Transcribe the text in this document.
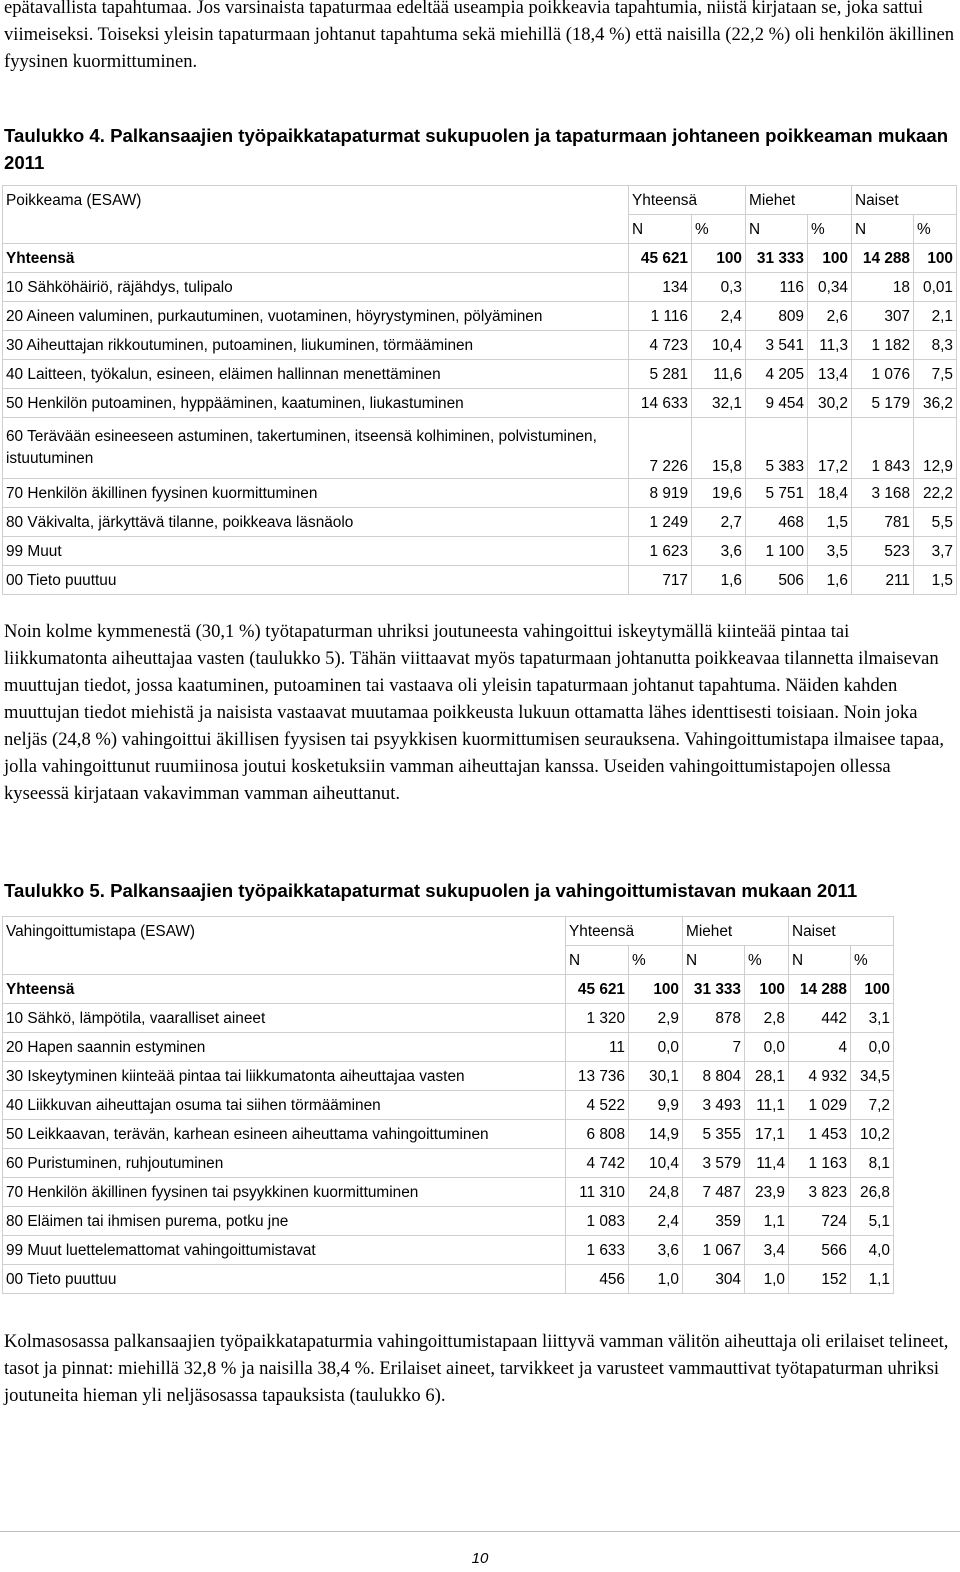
epätavallista tapahtumaa. Jos varsinaista tapaturmaa edeltää useampia poikkeavia tapahtumia, niistä kirjataan se, joka sattui viimeiseksi. Toiseksi yleisin tapaturmaan johtanut tapahtuma sekä miehillä (18,4 %) että naisilla (22,2 %) oli henkilön äkillinen fyysinen kuormittuminen.

Taulukko 4. Palkansaajien työpaikkatapaturmat sukupuolen ja tapaturmaan johtaneen poikkeaman mukaan 2011

Poikkeama (ESAW)	Yhteensä		Miehet		Naiset	
	N	%	N	%	N	%
Yhteensä	45 621	100	31 333	100	14 288	100
10 Sähköhäiriö, räjähdys, tulipalo	134	0,3	116	0,34	18	0,01
20 Aineen valuminen, purkautuminen, vuotaminen, höyrystyminen, pölyäminen	1 116	2,4	809	2,6	307	2,1
30 Aiheuttajan rikkoutuminen, putoaminen, liukuminen, törmääminen	4 723	10,4	3 541	11,3	1 182	8,3
40 Laitteen, työkalun, esineen, eläimen hallinnan menettäminen	5 281	11,6	4 205	13,4	1 076	7,5
50 Henkilön putoaminen, hyppääminen, kaatuminen, liukastuminen	14 633	32,1	9 454	30,2	5 179	36,2
60 Terävään esineeseen astuminen, takertuminen, itseensä kolhiminen, polvistuminen, istuutuminen	7 226	15,8	5 383	17,2	1 843	12,9
70 Henkilön äkillinen fyysinen kuormittuminen	8 919	19,6	5 751	18,4	3 168	22,2
80 Väkivalta, järkyttävä tilanne, poikkeava läsnäolo	1 249	2,7	468	1,5	781	5,5
99 Muut	1 623	3,6	1 100	3,5	523	3,7
00 Tieto puuttuu	717	1,6	506	1,6	211	1,5

Noin kolme kymmenestä (30,1 %) työtapaturman uhriksi joutuneesta vahingoittui iskeytymällä kiinteää pintaa tai liikkumatonta aiheuttajaa vasten (taulukko 5). Tähän viittaavat myös tapaturmaan johtanutta poikkeavaa tilannetta ilmaisevan muuttujan tiedot, jossa kaatuminen, putoaminen tai vastaava oli yleisin tapaturmaan johtanut tapahtuma. Näiden kahden muuttujan tiedot miehistä ja naisista vastaavat muutamaa poikkeusta lukuun ottamatta lähes identtisesti toisiaan. Noin joka neljäs (24,8 %) vahingoittui äkillisen fyysisen tai psyykkisen kuormittumisen seurauksena. Vahingoittumistapa ilmaisee tapaa, jolla vahingoittunut ruumiinosa joutui kosketuksiin vamman aiheuttajan kanssa. Useiden vahingoittumistapojen ollessa kyseessä kirjataan vakavimman vamman aiheuttanut.

Taulukko 5. Palkansaajien työpaikkatapaturmat sukupuolen ja vahingoittumistavan mukaan 2011

Vahingoittumistapa (ESAW)	Yhteensä		Miehet		Naiset	
	N	%	N	%	N	%
Yhteensä	45 621	100	31 333	100	14 288	100
10 Sähkö, lämpötila, vaaralliset aineet	1 320	2,9	878	2,8	442	3,1
20 Hapen saannin estyminen	11	0,0	7	0,0	4	0,0
30 Iskeytyminen kiinteää pintaa tai liikkumatonta aiheuttajaa vasten	13 736	30,1	8 804	28,1	4 932	34,5
40 Liikkuvan aiheuttajan osuma tai siihen törmääminen	4 522	9,9	3 493	11,1	1 029	7,2
50 Leikkaavan, terävän, karhean esineen aiheuttama vahingoittuminen	6 808	14,9	5 355	17,1	1 453	10,2
60 Puristuminen, ruhjoutuminen	4 742	10,4	3 579	11,4	1 163	8,1
70 Henkilön äkillinen fyysinen tai psyykkinen kuormittuminen	11 310	24,8	7 487	23,9	3 823	26,8
80 Eläimen tai ihmisen purema, potku jne	1 083	2,4	359	1,1	724	5,1
99 Muut luettelemattomat vahingoittumistavat	1 633	3,6	1 067	3,4	566	4,0
00 Tieto puuttuu	456	1,0	304	1,0	152	1,1

Kolmasosassa palkansaajien työpaikkatapaturmia vahingoittumistapaan liittyvä vamman välitön aiheuttaja oli erilaiset telineet, tasot ja pinnat: miehillä 32,8 % ja naisilla 38,4 %. Erilaiset aineet, tarvikkeet ja varusteet vammauttivat työtapaturman uhriksi joutuneita hieman yli neljäsosassa tapauksista (taulukko 6).

10
